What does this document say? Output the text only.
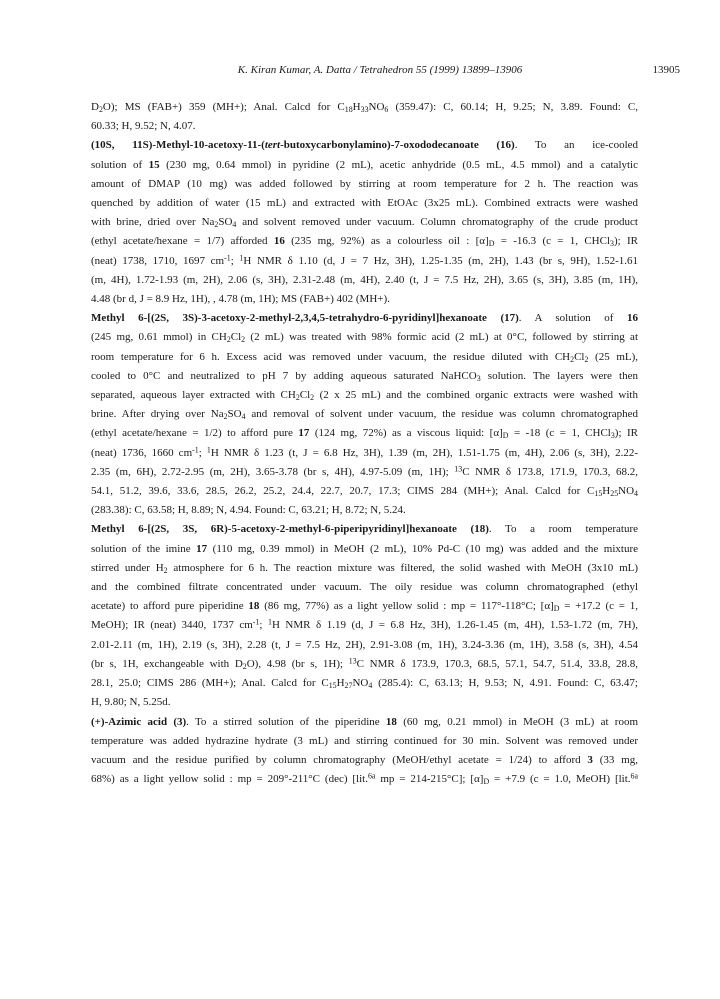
K. Kiran Kumar, A. Datta / Tetrahedron 55 (1999) 13899–13906	13905

$D_2O$); MS (FAB+) 359 (MH+); Anal. Calcd for $C_{18}H_{33}NO_6$ (359.47): C, 60.14; H, 9.25; N, 3.89. Found: C,

60.33; H, 9.52; N, 4.07.

(10S, 11S)-Methyl-10-acetoxy-11-(tert-butoxycarbonylamino)-7-oxododecanoate (16). To an ice-cooled

solution of 15 (230 mg, 0.64 mmol) in pyridine (2 mL), acetic anhydride (0.5 mL, 4.5 mmol) and a catalytic

amount of DMAP (10 mg) was added followed by stirring at room temperature for 2 h. The reaction was

quenched by addition of water (15 mL) and extracted with EtOAc (3x25 mL). Combined extracts were washed

with brine, dried over $Na_2SO_4$ and solvent removed under vacuum. Column chromatography of the crude product

(ethyl acetate/hexane = 1/7) afforded 16 (235 mg, 92%) as a colourless oil : $[\alpha]_D = -16.3$ (c = 1, CHCl$_3$); IR

(neat) 1738, 1710, 1697 $cm^{-1}$; $^1$H NMR δ 1.10 (d, J = 7 Hz, 3H), 1.25-1.35 (m, 2H), 1.43 (br s, 9H), 1.52-1.61

(m, 4H), 1.72-1.93 (m, 2H), 2.06 (s, 3H), 2.31-2.48 (m, 4H), 2.40 (t, J = 7.5 Hz, 2H), 3.65 (s, 3H), 3.85 (m, 1H),

4.48 (br d, J = 8.9 Hz, 1H), , 4.78 (m, 1H); MS (FAB+) 402 (MH+).

Methyl 6-[(2S, 3S)-3-acetoxy-2-methyl-2,3,4,5-tetrahydro-6-pyridinyl]hexanoate (17). A solution of 16

(245 mg, 0.61 mmol) in $CH_2Cl_2$ (2 mL) was treated with 98% formic acid (2 mL) at 0°C, followed by stirring at

room temperature for 6 h. Excess acid was removed under vacuum, the residue diluted with $CH_2Cl_2$ (25 mL),

cooled to 0°C and neutralized to pH 7 by adding aqueous saturated NaHCO$_3$ solution. The layers were then

separated, aqueous layer extracted with $CH_2Cl_2$ (2 x 25 mL) and the combined organic extracts were washed with

brine. After drying over $Na_2SO_4$ and removal of solvent under vacuum, the residue was column chromatographed

(ethyl acetate/hexane = 1/2) to afford pure 17 (124 mg, 72%) as a viscous liquid: $[\alpha]_D = -18$ (c = 1, CHCl$_3$); IR

(neat) 1736, 1660 $cm^{-1}$; $^1$H NMR δ 1.23 (t, J = 6.8 Hz, 3H), 1.39 (m, 2H), 1.51-1.75 (m, 4H), 2.06 (s, 3H), 2.22-

2.35 (m, 6H), 2.72-2.95 (m, 2H), 3.65-3.78 (br s, 4H), 4.97-5.09 (m, 1H); $^{13}$C NMR δ 173.8, 171.9, 170.3, 68.2,

54.1, 51.2, 39.6, 33.6, 28.5, 26.2, 25.2, 24.4, 22.7, 20.7, 17.3; CIMS 284 (MH+); Anal. Calcd for $C_{15}H_{25}NO_4$

(283.38): C, 63.58; H, 8.89; N, 4.94. Found: C, 63.21; H, 8.72; N, 5.24.

Methyl 6-[(2S, 3S, 6R)-5-acetoxy-2-methyl-6-piperipyridinyl]hexanoate (18). To a room temperature

solution of the imine 17 (110 mg, 0.39 mmol) in MeOH (2 mL), 10% Pd-C (10 mg) was added and the mixture

stirred under $H_2$ atmosphere for 6 h. The reaction mixture was filtered, the solid washed with MeOH (3x10 mL)

and the combined filtrate concentrated under vacuum. The oily residue was column chromatographed (ethyl

acetate) to afford pure piperidine 18 (86 mg, 77%) as a light yellow solid : mp = 117°-118°C; $[\alpha]_D = +17.2$ (c = 1,

MeOH); IR (neat) 3440, 1737 $cm^{-1}$; $^1$H NMR δ 1.19 (d, J = 6.8 Hz, 3H), 1.26-1.45 (m, 4H), 1.53-1.72 (m, 7H),

2.01-2.11 (m, 1H), 2.19 (s, 3H), 2.28 (t, J = 7.5 Hz, 2H), 2.91-3.08 (m, 1H), 3.24-3.36 (m, 1H), 3.58 (s, 3H), 4.54

(br s, 1H, exchangeable with $D_2O$), 4.98 (br s, 1H); $^{13}$C NMR δ 173.9, 170.3, 68.5, 57.1, 54.7, 51.4, 33.8, 28.8,

28.1, 25.0; CIMS 286 (MH+); Anal. Calcd for $C_{15}H_{27}NO_4$ (285.4): C, 63.13; H, 9.53; N, 4.91. Found: C, 63.47;

H, 9.80; N, 5.25d.

(+)-Azimic acid (3). To a stirred solution of the piperidine 18 (60 mg, 0.21 mmol) in MeOH (3 mL) at room

temperature was added hydrazine hydrate (3 mL) and stirring continued for 30 min. Solvent was removed under

vacuum and the residue purified by column chromatography (MeOH/ethyl acetate = 1/24) to afford 3 (33 mg,

68%) as a light yellow solid : mp = 209°-211°C (dec) [lit.$^{6a}$ mp = 214-215°C]; $[\alpha]_D = +7.9$ (c = 1.0, MeOH) [lit.$^{6a}$
